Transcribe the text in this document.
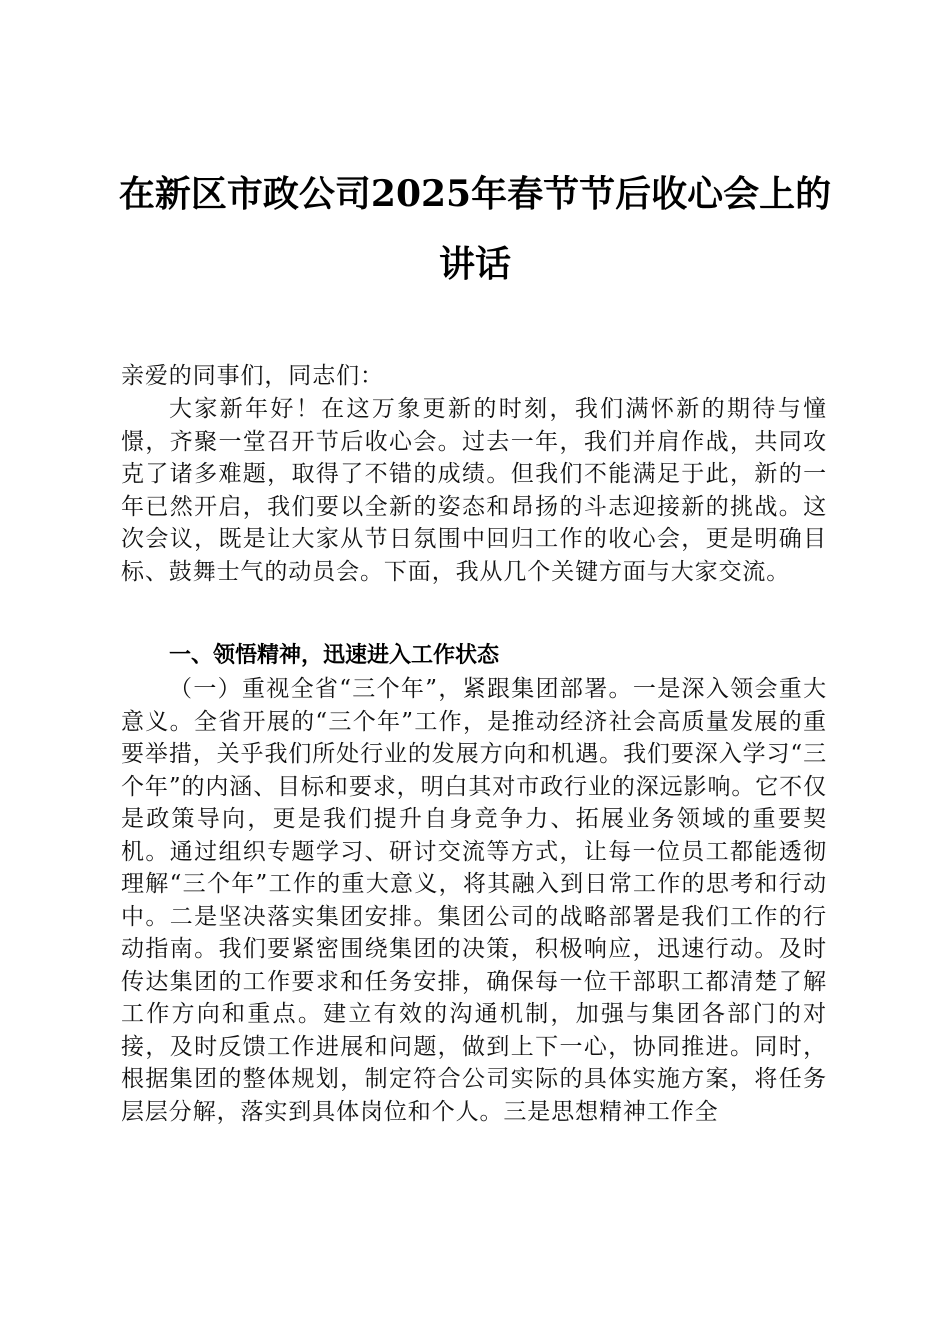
在新区市政公司2025年春节节后收心会上的
讲话

亲爱的同事们，同志们：

大家新年好！在这万象更新的时刻，我们满怀新的期待与憧憬，齐聚一堂召开节后收心会。过去一年，我们并肩作战，共同攻克了诸多难题，取得了不错的成绩。但我们不能满足于此，新的一年已然开启，我们要以全新的姿态和昂扬的斗志迎接新的挑战。这次会议，既是让大家从节日氛围中回归工作的收心会，更是明确目标、鼓舞士气的动员会。下面，我从几个关键方面与大家交流。

一、领悟精神，迅速进入工作状态

（一）重视全省“三个年”，紧跟集团部署。一是深入领会重大意义。全省开展的“三个年”工作，是推动经济社会高质量发展的重要举措，关乎我们所处行业的发展方向和机遇。我们要深入学习“三个年”的内涵、目标和要求，明白其对市政行业的深远影响。它不仅是政策导向，更是我们提升自身竞争力、拓展业务领域的重要契机。通过组织专题学习、研讨交流等方式，让每一位员工都能透彻理解“三个年”工作的重大意义，将其融入到日常工作的思考和行动中。二是坚决落实集团安排。集团公司的战略部署是我们工作的行动指南。我们要紧密围绕集团的决策，积极响应，迅速行动。及时传达集团的工作要求和任务安排，确保每一位干部职工都清楚了解工作方向和重点。建立有效的沟通机制，加强与集团各部门的对接，及时反馈工作进展和问题，做到上下一心，协同推进。同时，根据集团的整体规划，制定符合公司实际的具体实施方案，将任务层层分解，落实到具体岗位和个人。三是思想精神工作全
